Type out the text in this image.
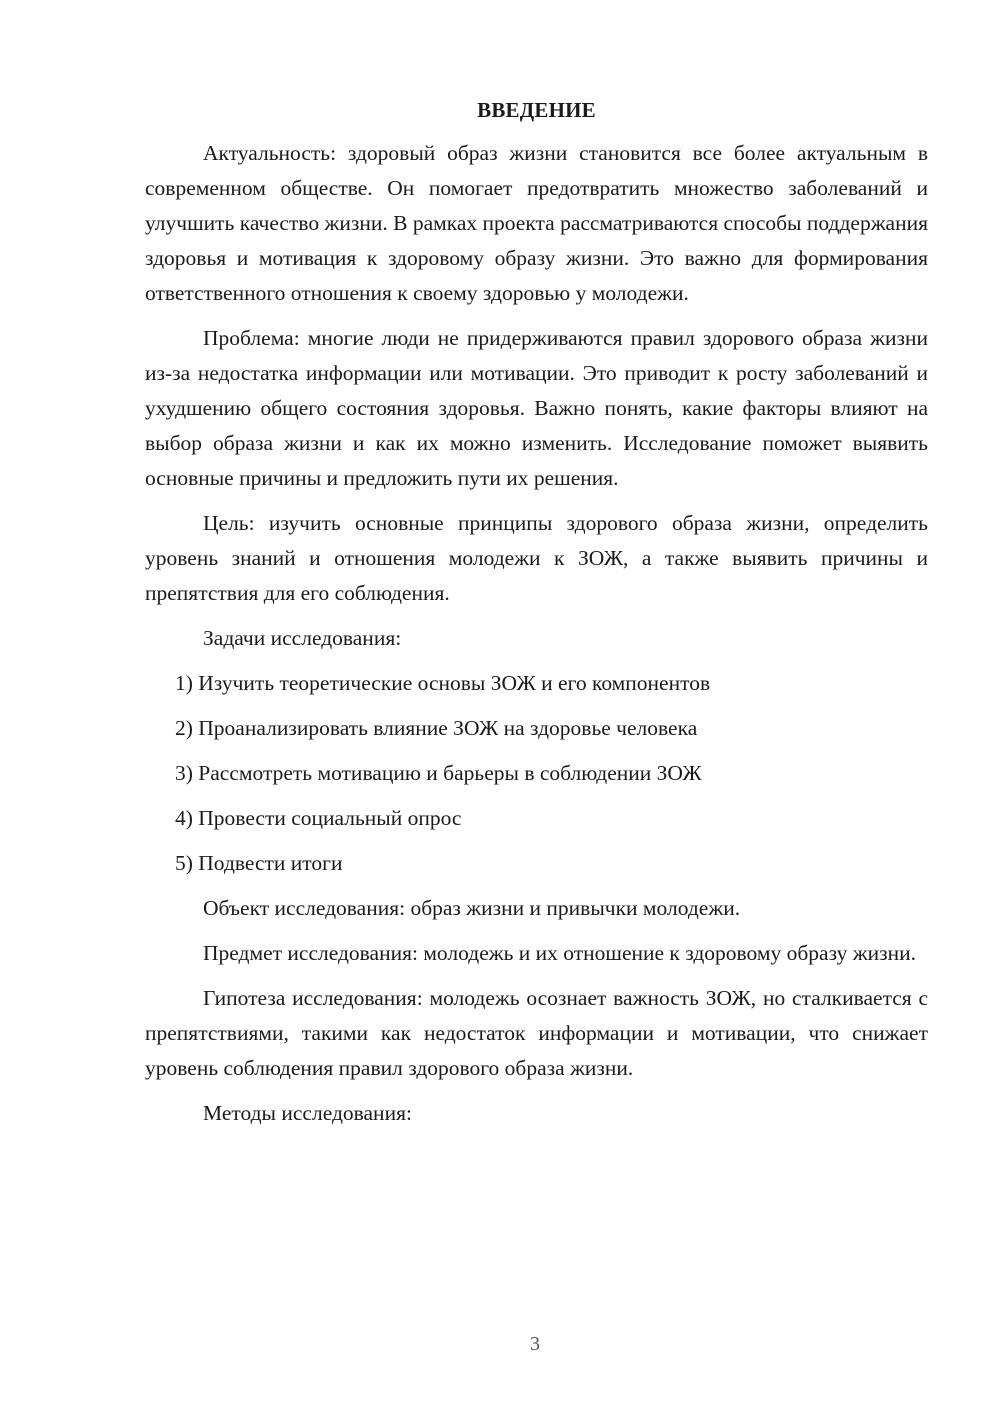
ВВЕДЕНИЕ

Актуальность: здоровый образ жизни становится все более актуальным в современном обществе. Он помогает предотвратить множество заболеваний и улучшить качество жизни. В рамках проекта рассматриваются способы поддержания здоровья и мотивация к здоровому образу жизни. Это важно для формирования ответственного отношения к своему здоровью у молодежи.

Проблема: многие люди не придерживаются правил здорового образа жизни из-за недостатка информации или мотивации. Это приводит к росту заболеваний и ухудшению общего состояния здоровья. Важно понять, какие факторы влияют на выбор образа жизни и как их можно изменить. Исследование поможет выявить основные причины и предложить пути их решения.

Цель: изучить основные принципы здорового образа жизни, определить уровень знаний и отношения молодежи к ЗОЖ, а также выявить причины и препятствия для его соблюдения.

Задачи исследования:
1) Изучить теоретические основы ЗОЖ и его компонентов
2) Проанализировать влияние ЗОЖ на здоровье человека
3) Рассмотреть мотивацию и барьеры в соблюдении ЗОЖ
4) Провести социальный опрос
5) Подвести итоги

Объект исследования: образ жизни и привычки молодежи.

Предмет исследования: молодежь и их отношение к здоровому образу жизни.

Гипотеза исследования: молодежь осознает важность ЗОЖ, но сталкивается с препятствиями, такими как недостаток информации и мотивации, что снижает уровень соблюдения правил здорового образа жизни.

Методы исследования:
3
